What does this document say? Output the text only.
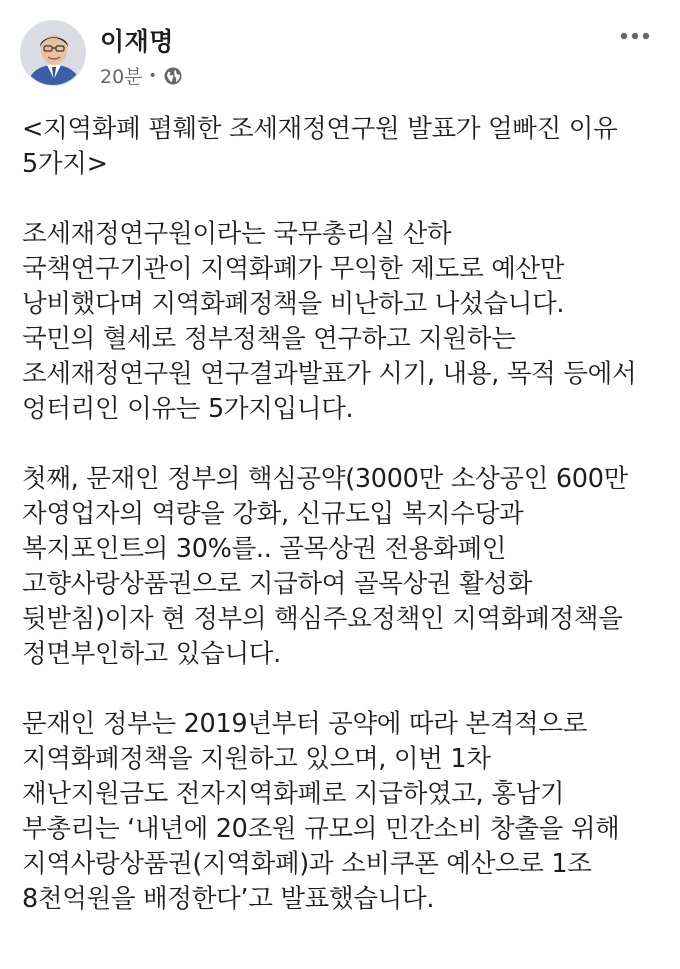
이재명
20분 •
<지역화폐 폄훼한 조세재정연구원 발표가 얼빠진 이유
5가지>
조세재정연구원이라는 국무총리실 산하
국책연구기관이 지역화폐가 무익한 제도로 예산만
낭비했다며 지역화폐정책을 비난하고 나섰습니다.
국민의 혈세로 정부정책을 연구하고 지원하는
조세재정연구원 연구결과발표가 시기, 내용, 목적 등에서
엉터리인 이유는 5가지입니다.
첫째, 문재인 정부의 핵심공약(3000만 소상공인 600만
자영업자의 역량을 강화, 신규도입 복지수당과
복지포인트의 30%를.. 골목상권 전용화폐인
고향사랑상품권으로 지급하여 골목상권 활성화
뒷받침)이자 현 정부의 핵심주요정책인 지역화폐정책을
정면부인하고 있습니다.
문재인 정부는 2019년부터 공약에 따라 본격적으로
지역화폐정책을 지원하고 있으며, 이번 1차
재난지원금도 전자지역화폐로 지급하였고, 홍남기
부총리는 ‘내년에 20조원 규모의 민간소비 창출을 위해
지역사랑상품권(지역화폐)과 소비쿠폰 예산으로 1조
8천억원을 배정한다’고 발표했습니다.
